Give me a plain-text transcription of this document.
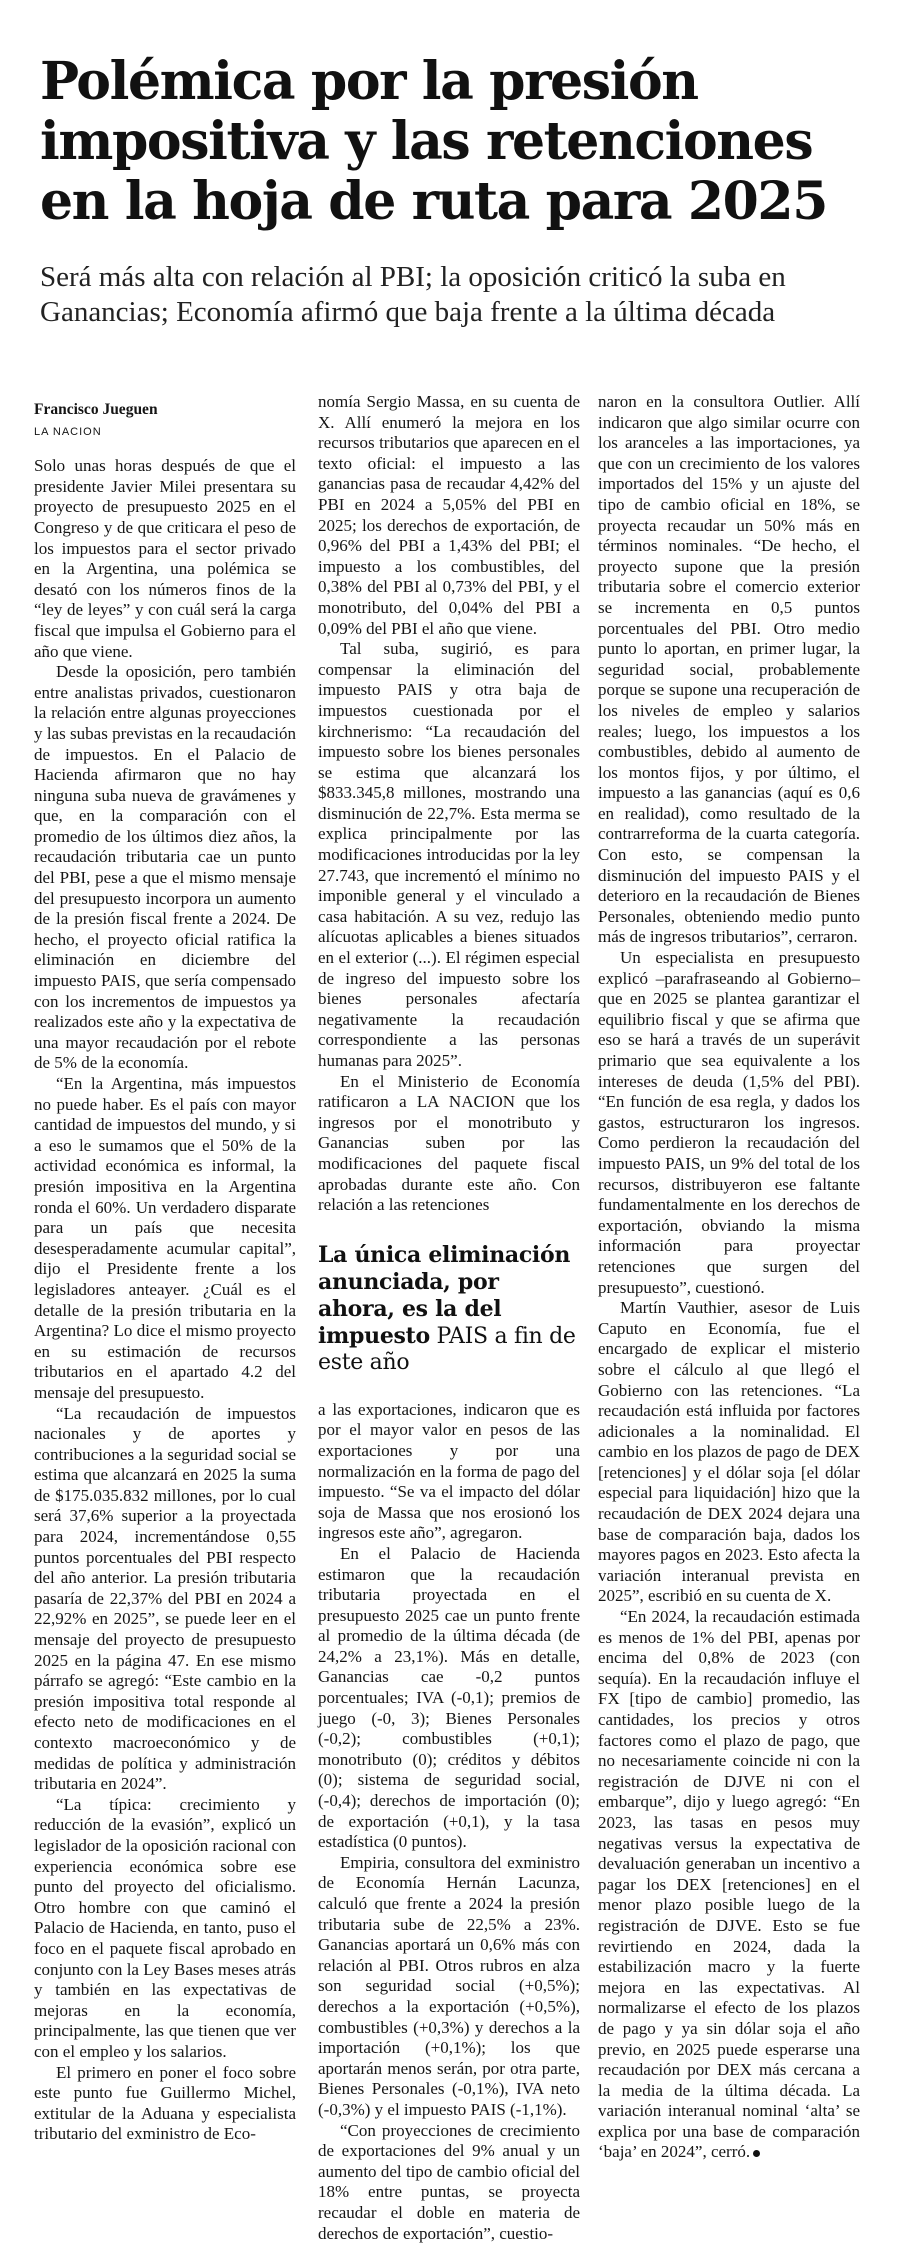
Polémica por la presión impositiva y las retenciones en la hoja de ruta para 2025

Será más alta con relación al PBI; la oposición criticó la suba en Ganancias; Economía afirmó que baja frente a la última década

Francisco Jueguen
LA NACION

Solo unas horas después de que el presidente Javier Milei presentara su proyecto de presupuesto 2025 en el Congreso y de que criticara el peso de los impuestos para el sector privado en la Argentina, una polémica se desató con los números finos de la “ley de leyes” y con cuál será la carga fiscal que impulsa el Gobierno para el año que viene.

Desde la oposición, pero también entre analistas privados, cuestionaron la relación entre algunas proyecciones y las subas previstas en la recaudación de impuestos. En el Palacio de Hacienda afirmaron que no hay ninguna suba nueva de gravámenes y que, en la comparación con el promedio de los últimos diez años, la recaudación tributaria cae un punto del PBI, pese a que el mismo mensaje del presupuesto incorpora un aumento de la presión fiscal frente a 2024. De hecho, el proyecto oficial ratifica la eliminación en diciembre del impuesto PAIS, que sería compensado con los incrementos de impuestos ya realizados este año y la expectativa de una mayor recaudación por el rebote de 5% de la economía.

“En la Argentina, más impuestos no puede haber. Es el país con mayor cantidad de impuestos del mundo, y si a eso le sumamos que el 50% de la actividad económica es informal, la presión impositiva en la Argentina ronda el 60%. Un verdadero disparate para un país que necesita desesperadamente acumular capital”, dijo el Presidente frente a los legisladores anteayer. ¿Cuál es el detalle de la presión tributaria en la Argentina? Lo dice el mismo proyecto en su estimación de recursos tributarios en el apartado 4.2 del mensaje del presupuesto.

“La recaudación de impuestos nacionales y de aportes y contribuciones a la seguridad social se estima que alcanzará en 2025 la suma de $175.035.832 millones, por lo cual será 37,6% superior a la proyectada para 2024, incrementándose 0,55 puntos porcentuales del PBI respecto del año anterior. La presión tributaria pasaría de 22,37% del PBI en 2024 a 22,92% en 2025”, se puede leer en el mensaje del proyecto de presupuesto 2025 en la página 47. En ese mismo párrafo se agregó: “Este cambio en la presión impositiva total responde al efecto neto de modificaciones en el contexto macroeconómico y de medidas de política y administración tributaria en 2024”.

“La típica: crecimiento y reducción de la evasión”, explicó un legislador de la oposición racional con experiencia económica sobre ese punto del proyecto del oficialismo. Otro hombre con que caminó el Palacio de Hacienda, en tanto, puso el foco en el paquete fiscal aprobado en conjunto con la Ley Bases meses atrás y también en las expectativas de mejoras en la economía, principalmente, las que tienen que ver con el empleo y los salarios.

El primero en poner el foco sobre este punto fue Guillermo Michel, extitular de la Aduana y especialista tributario del exministro de Eco-

nomía Sergio Massa, en su cuenta de X. Allí enumeró la mejora en los recursos tributarios que aparecen en el texto oficial: el impuesto a las ganancias pasa de recaudar 4,42% del PBI en 2024 a 5,05% del PBI en 2025; los derechos de exportación, de 0,96% del PBI a 1,43% del PBI; el impuesto a los combustibles, del 0,38% del PBI al 0,73% del PBI, y el monotributo, del 0,04% del PBI a 0,09% del PBI el año que viene.

Tal suba, sugirió, es para compensar la eliminación del impuesto PAIS y otra baja de impuestos cuestionada por el kirchnerismo: “La recaudación del impuesto sobre los bienes personales se estima que alcanzará los $833.345,8 millones, mostrando una disminución de 22,7%. Esta merma se explica principalmente por las modificaciones introducidas por la ley 27.743, que incrementó el mínimo no imponible general y el vinculado a casa habitación. A su vez, redujo las alícuotas aplicables a bienes situados en el exterior (...). El régimen especial de ingreso del impuesto sobre los bienes personales afectaría negativamente la recaudación correspondiente a las personas humanas para 2025”.

En el Ministerio de Economía ratificaron a LA NACION que los ingresos por el monotributo y Ganancias suben por las modificaciones del paquete fiscal aprobadas durante este año. Con relación a las retenciones

La única eliminación anunciada, por ahora, es la del impuesto PAIS a fin de este año

a las exportaciones, indicaron que es por el mayor valor en pesos de las exportaciones y por una normalización en la forma de pago del impuesto. “Se va el impacto del dólar soja de Massa que nos erosionó los ingresos este año”, agregaron.

En el Palacio de Hacienda estimaron que la recaudación tributaria proyectada en el presupuesto 2025 cae un punto frente al promedio de la última década (de 24,2% a 23,1%). Más en detalle, Ganancias cae -0,2 puntos porcentuales; IVA (-0,1); premios de juego (-0, 3); Bienes Personales (-0,2); combustibles (+0,1); monotributo (0); créditos y débitos (0); sistema de seguridad social, (-0,4); derechos de importación (0); de exportación (+0,1), y la tasa estadística (0 puntos).

Empiria, consultora del exministro de Economía Hernán Lacunza, calculó que frente a 2024 la presión tributaria sube de 22,5% a 23%. Ganancias aportará un 0,6% más con relación al PBI. Otros rubros en alza son seguridad social (+0,5%); derechos a la exportación (+0,5%), combustibles (+0,3%) y derechos a la importación (+0,1%); los que aportarán menos serán, por otra parte, Bienes Personales (-0,1%), IVA neto (-0,3%) y el impuesto PAIS (-1,1%).

“Con proyecciones de crecimiento de exportaciones del 9% anual y un aumento del tipo de cambio oficial del 18% entre puntas, se proyecta recaudar el doble en materia de derechos de exportación”, cuestio-

naron en la consultora Outlier. Allí indicaron que algo similar ocurre con los aranceles a las importaciones, ya que con un crecimiento de los valores importados del 15% y un ajuste del tipo de cambio oficial en 18%, se proyecta recaudar un 50% más en términos nominales. “De hecho, el proyecto supone que la presión tributaria sobre el comercio exterior se incrementa en 0,5 puntos porcentuales del PBI. Otro medio punto lo aportan, en primer lugar, la seguridad social, probablemente porque se supone una recuperación de los niveles de empleo y salarios reales; luego, los impuestos a los combustibles, debido al aumento de los montos fijos, y por último, el impuesto a las ganancias (aquí es 0,6 en realidad), como resultado de la contrarreforma de la cuarta categoría. Con esto, se compensan la disminución del impuesto PAIS y el deterioro en la recaudación de Bienes Personales, obteniendo medio punto más de ingresos tributarios”, cerraron.

Un especialista en presupuesto explicó –parafraseando al Gobierno– que en 2025 se plantea garantizar el equilibrio fiscal y que se afirma que eso se hará a través de un superávit primario que sea equivalente a los intereses de deuda (1,5% del PBI). “En función de esa regla, y dados los gastos, estructuraron los ingresos. Como perdieron la recaudación del impuesto PAIS, un 9% del total de los recursos, distribuyeron ese faltante fundamentalmente en los derechos de exportación, obviando la misma información para proyectar retenciones que surgen del presupuesto”, cuestionó.

Martín Vauthier, asesor de Luis Caputo en Economía, fue el encargado de explicar el misterio sobre el cálculo al que llegó el Gobierno con las retenciones. “La recaudación está influida por factores adicionales a la nominalidad. El cambio en los plazos de pago de DEX [retenciones] y el dólar soja [el dólar especial para liquidación] hizo que la recaudación de DEX 2024 dejara una base de comparación baja, dados los mayores pagos en 2023. Esto afecta la variación interanual prevista en 2025”, escribió en su cuenta de X.

“En 2024, la recaudación estimada es menos de 1% del PBI, apenas por encima del 0,8% de 2023 (con sequía). En la recaudación influye el FX [tipo de cambio] promedio, las cantidades, los precios y otros factores como el plazo de pago, que no necesariamente coincide ni con la registración de DJVE ni con el embarque”, dijo y luego agregó: “En 2023, las tasas en pesos muy negativas versus la expectativa de devaluación generaban un incentivo a pagar los DEX [retenciones] en el menor plazo posible luego de la registración de DJVE. Esto se fue revirtiendo en 2024, dada la estabilización macro y la fuerte mejora en las expectativas. Al normalizarse el efecto de los plazos de pago y ya sin dólar soja el año previo, en 2025 puede esperarse una recaudación por DEX más cercana a la media de la última década. La variación interanual nominal ‘alta’ se explica por una base de comparación ‘baja’ en 2024”, cerró.
